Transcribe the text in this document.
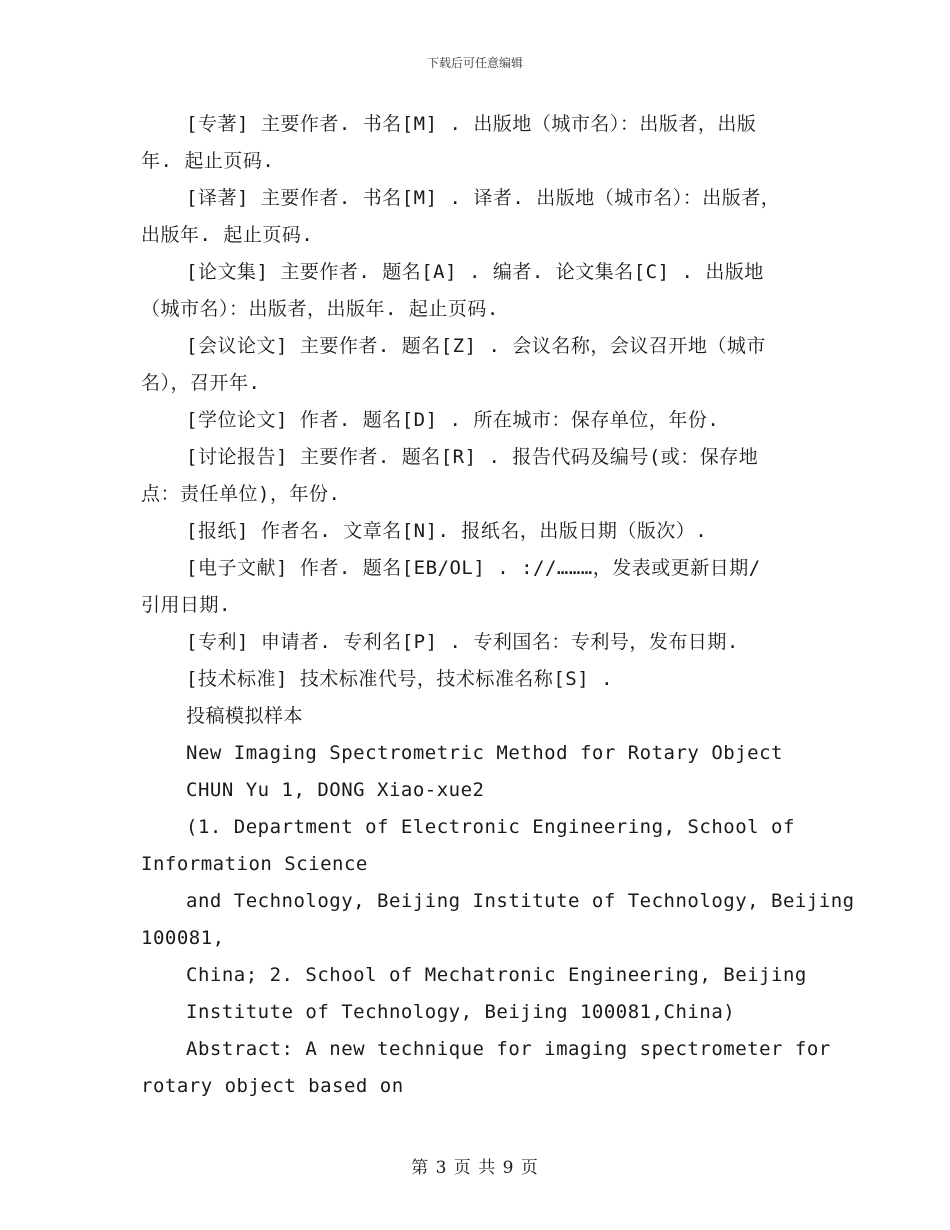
下载后可任意编辑
[专著] 主要作者. 书名[M] . 出版地（城市名）：出版者，出版
年. 起止页码.
[译著] 主要作者. 书名[M] . 译者. 出版地（城市名）：出版者，
出版年. 起止页码.
[论文集] 主要作者. 题名[A] . 编者. 论文集名[C] . 出版地
（城市名）：出版者，出版年. 起止页码.
[会议论文] 主要作者. 题名[Z] . 会议名称，会议召开地（城市
名），召开年.
[学位论文] 作者. 题名[D] . 所在城市：保存单位，年份.
[讨论报告] 主要作者. 题名[R] . 报告代码及编号(或：保存地
点：责任单位)，年份.
[报纸] 作者名. 文章名[N]. 报纸名，出版日期（版次）.
[电子文献] 作者. 题名[EB/OL] . ://………，发表或更新日期/
引用日期.
[专利] 申请者. 专利名[P] . 专利国名：专利号，发布日期.
[技术标准] 技术标准代号，技术标准名称[S] .
投稿模拟样本
New Imaging Spectrometric Method for Rotary Object
CHUN Yu 1, DONG Xiao-xue2
(1. Department of Electronic Engineering, School of
Information Science
and Technology, Beijing Institute of Technology, Beijing
100081,
China; 2. School of Mechatronic Engineering, Beijing
Institute of Technology, Beijing 100081,China)
Abstract: A new technique for imaging spectrometer for
rotary object based on
第 3 页 共 9 页
